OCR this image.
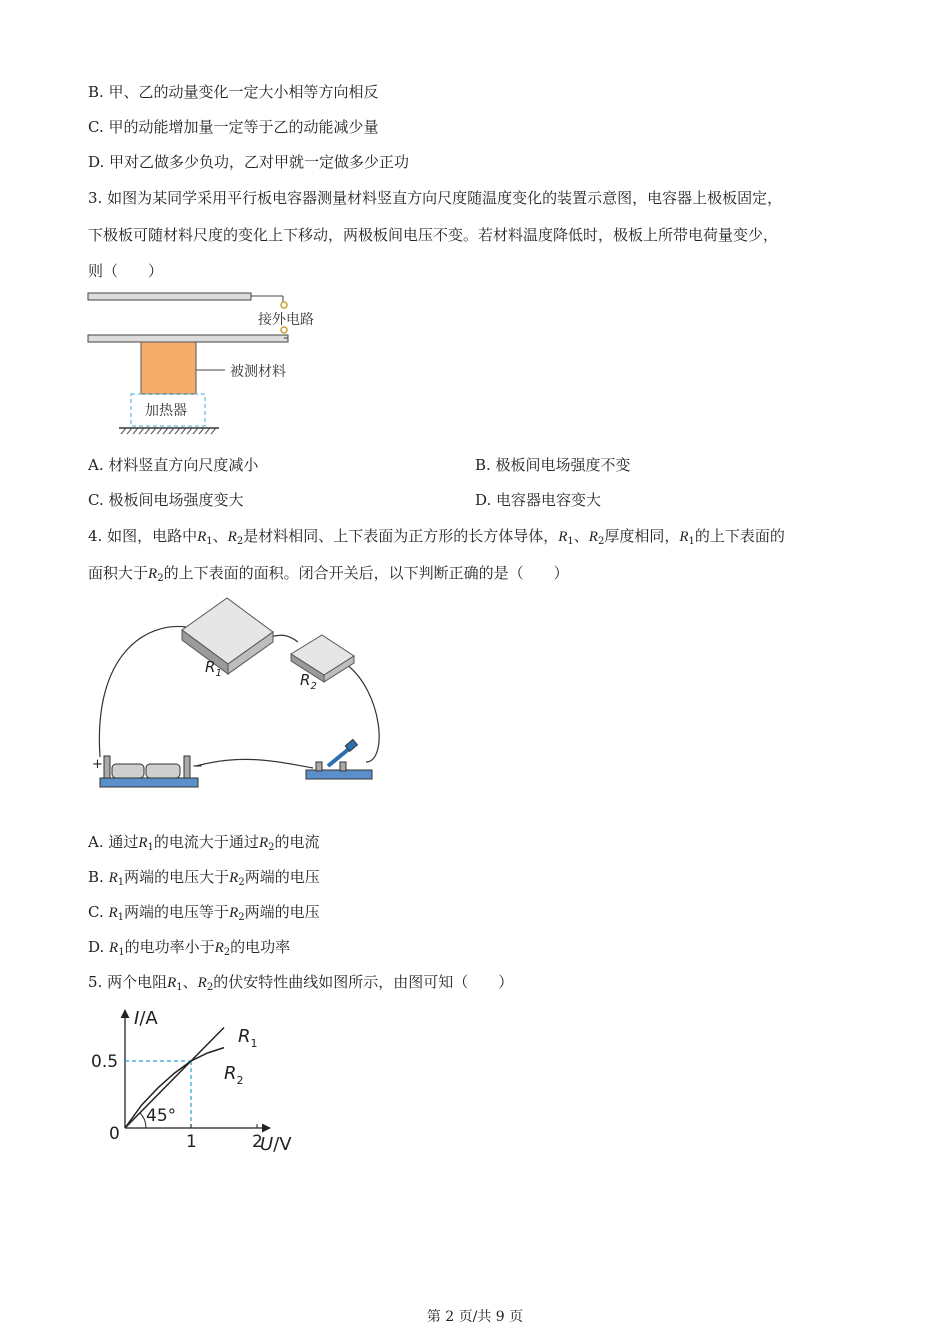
B. 甲、乙的动量变化一定大小相等方向相反
C. 甲的动能增加量一定等于乙的动能减少量
D. 甲对乙做多少负功，乙对甲就一定做多少正功
3. 如图为某同学采用平行板电容器测量材料竖直方向尺度随温度变化的装置示意图，电容器上极板固定，
下极板可随材料尺度的变化上下移动，两极板间电压不变。若材料温度降低时，极板上所带电荷量变少，
则（　　）
接外电路
被测材料
加热器
A. 材料竖直方向尺度减小	B. 极板间电场强度不变
C. 极板间电场强度变大	D. 电容器电容变大
4. 如图，电路中$R_1$、$R_2$是材料相同、上下表面为正方形的长方体导体，$R_1$、$R_2$厚度相同，$R_1$的上下表面的
面积大于$R_2$的上下表面的面积。闭合开关后，以下判断正确的是（　　）
$R_1$	$R_2$
+	−
A. 通过$R_1$的电流大于通过$R_2$的电流
B. $R_1$两端的电压大于$R_2$两端的电压
C. $R_1$两端的电压等于$R_2$两端的电压
D. $R_1$的电功率小于$R_2$的电功率
5. 两个电阻$R_1$、$R_2$的伏安特性曲线如图所示，由图可知（　　）
I/A
U/V
0
45°
1	2
0.5
$R_1$
$R_2$
第 2 页/共 9 页
